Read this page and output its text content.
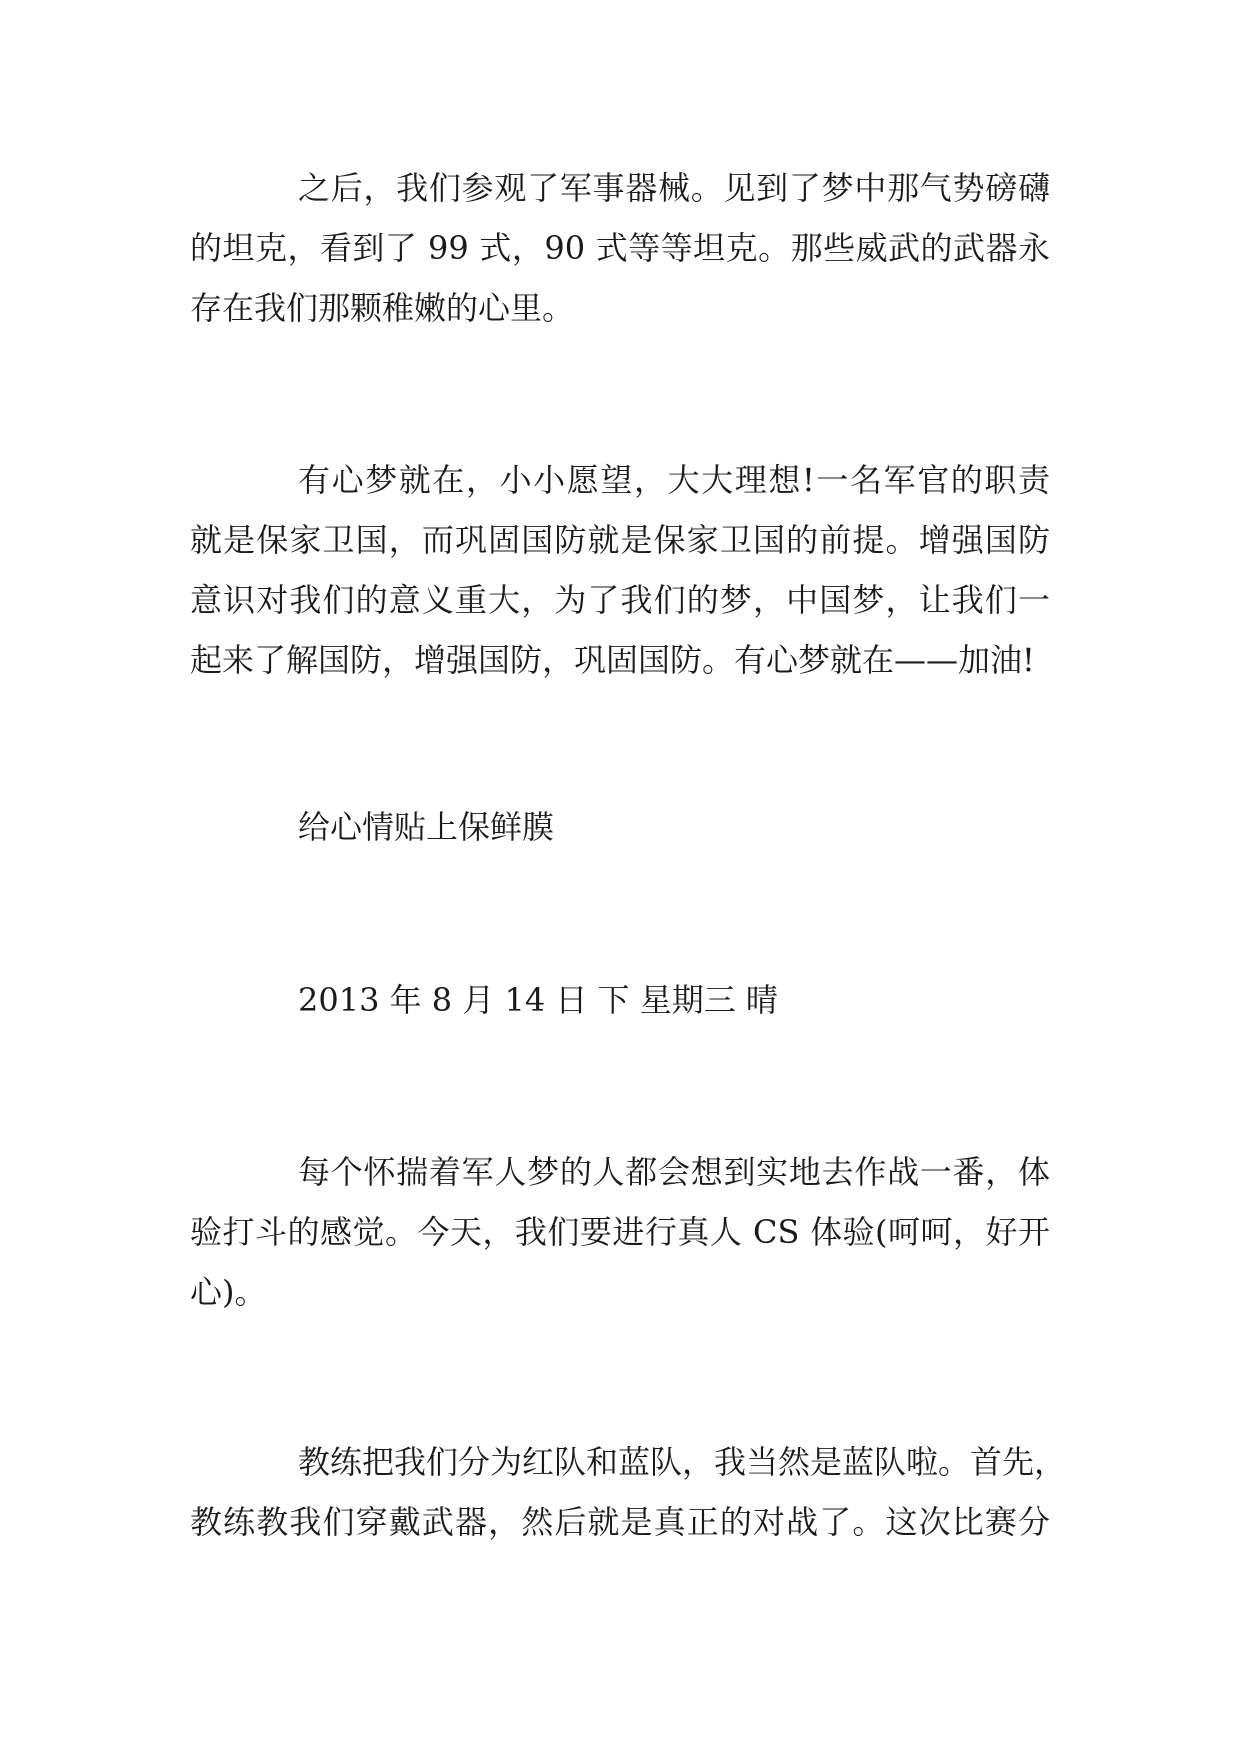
之后，我们参观了军事器械。见到了梦中那气势磅礴
的坦克，看到了 99 式，90 式等等坦克。那些威武的武器永
存在我们那颗稚嫩的心里。
有心梦就在，小小愿望，大大理想!一名军官的职责
就是保家卫国，而巩固国防就是保家卫国的前提。增强国防
意识对我们的意义重大，为了我们的梦，中国梦，让我们一
起来了解国防，增强国防，巩固国防。有心梦就在——加油!
给心情贴上保鲜膜
2013 年 8 月 14 日 下 星期三 晴
每个怀揣着军人梦的人都会想到实地去作战一番，体
验打斗的感觉。今天，我们要进行真人 CS 体验(呵呵，好开
心)。
教练把我们分为红队和蓝队，我当然是蓝队啦。首先，
教练教我们穿戴武器，然后就是真正的对战了。这次比赛分
